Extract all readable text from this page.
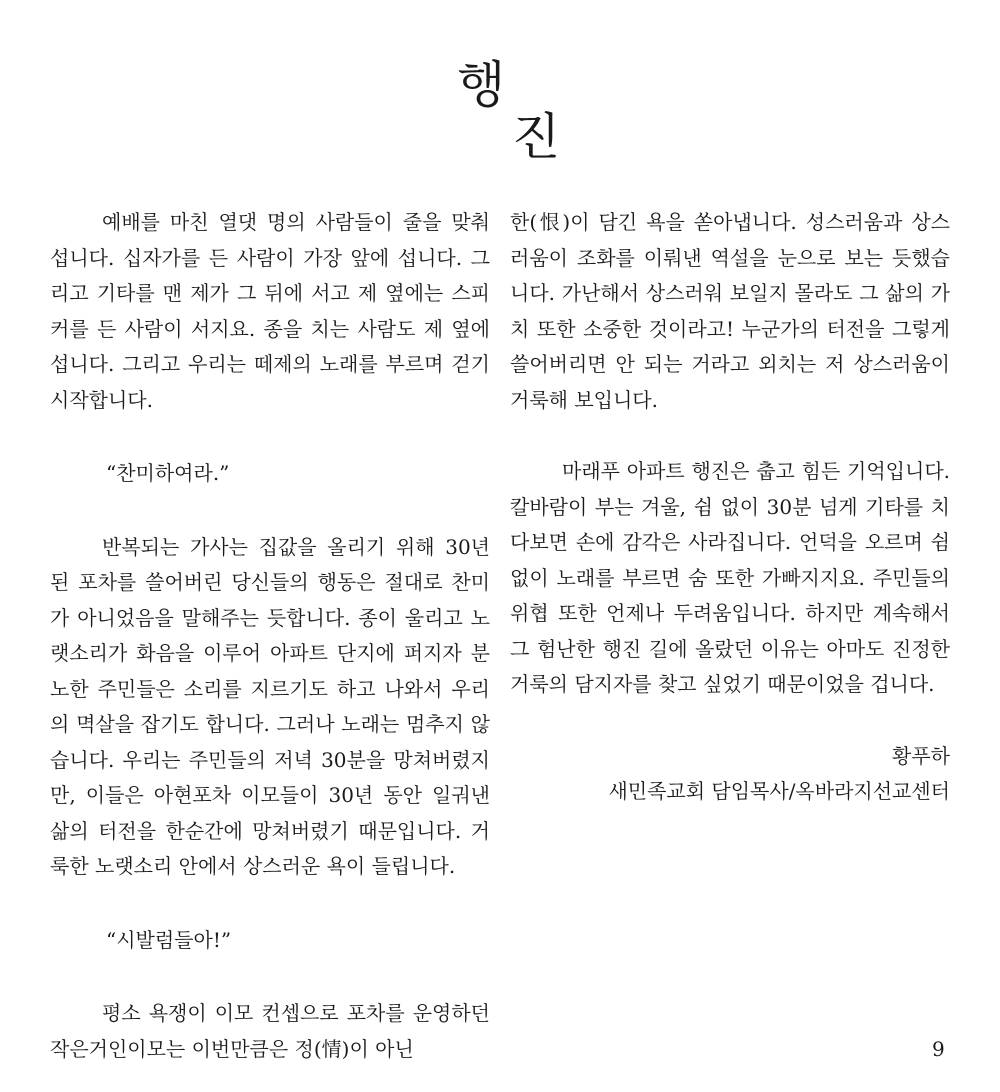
행
진

예배를 마친 열댓 명의 사람들이 줄을 맞춰 섭니다. 십자가를 든 사람이 가장 앞에 섭니다. 그리고 기타를 맨 제가 그 뒤에 서고 제 옆에는 스피커를 든 사람이 서지요. 종을 치는 사람도 제 옆에 섭니다. 그리고 우리는 떼제의 노래를 부르며 걷기 시작합니다.

“찬미하여라.”

반복되는 가사는 집값을 올리기 위해 30년 된 포차를 쓸어버린 당신들의 행동은 절대로 찬미가 아니었음을 말해주는 듯합니다. 종이 울리고 노랫소리가 화음을 이루어 아파트 단지에 퍼지자 분노한 주민들은 소리를 지르기도 하고 나와서 우리의 멱살을 잡기도 합니다. 그러나 노래는 멈추지 않습니다. 우리는 주민들의 저녁 30분을 망쳐버렸지만, 이들은 아현포차 이모들이 30년 동안 일궈낸 삶의 터전을 한순간에 망쳐버렸기 때문입니다. 거룩한 노랫소리 안에서 상스러운 욕이 들립니다.

“시발럼들아!”

평소 욕쟁이 이모 컨셉으로 포차를 운영하던 작은거인이모는 이번만큼은 정(情)이 아닌

한(恨)이 담긴 욕을 쏟아냅니다. 성스러움과 상스러움이 조화를 이뤄낸 역설을 눈으로 보는 듯했습니다. 가난해서 상스러워 보일지 몰라도 그 삶의 가치 또한 소중한 것이라고! 누군가의 터전을 그렇게 쓸어버리면 안 되는 거라고 외치는 저 상스러움이 거룩해 보입니다.

마래푸 아파트 행진은 춥고 힘든 기억입니다. 칼바람이 부는 겨울, 쉼 없이 30분 넘게 기타를 치다보면 손에 감각은 사라집니다. 언덕을 오르며 쉼 없이 노래를 부르면 숨 또한 가빠지지요. 주민들의 위협 또한 언제나 두려움입니다. 하지만 계속해서 그 험난한 행진 길에 올랐던 이유는 아마도 진정한 거룩의 담지자를 찾고 싶었기 때문이었을 겁니다.

황푸하

새민족교회 담임목사/옥바라지선교센터

9
